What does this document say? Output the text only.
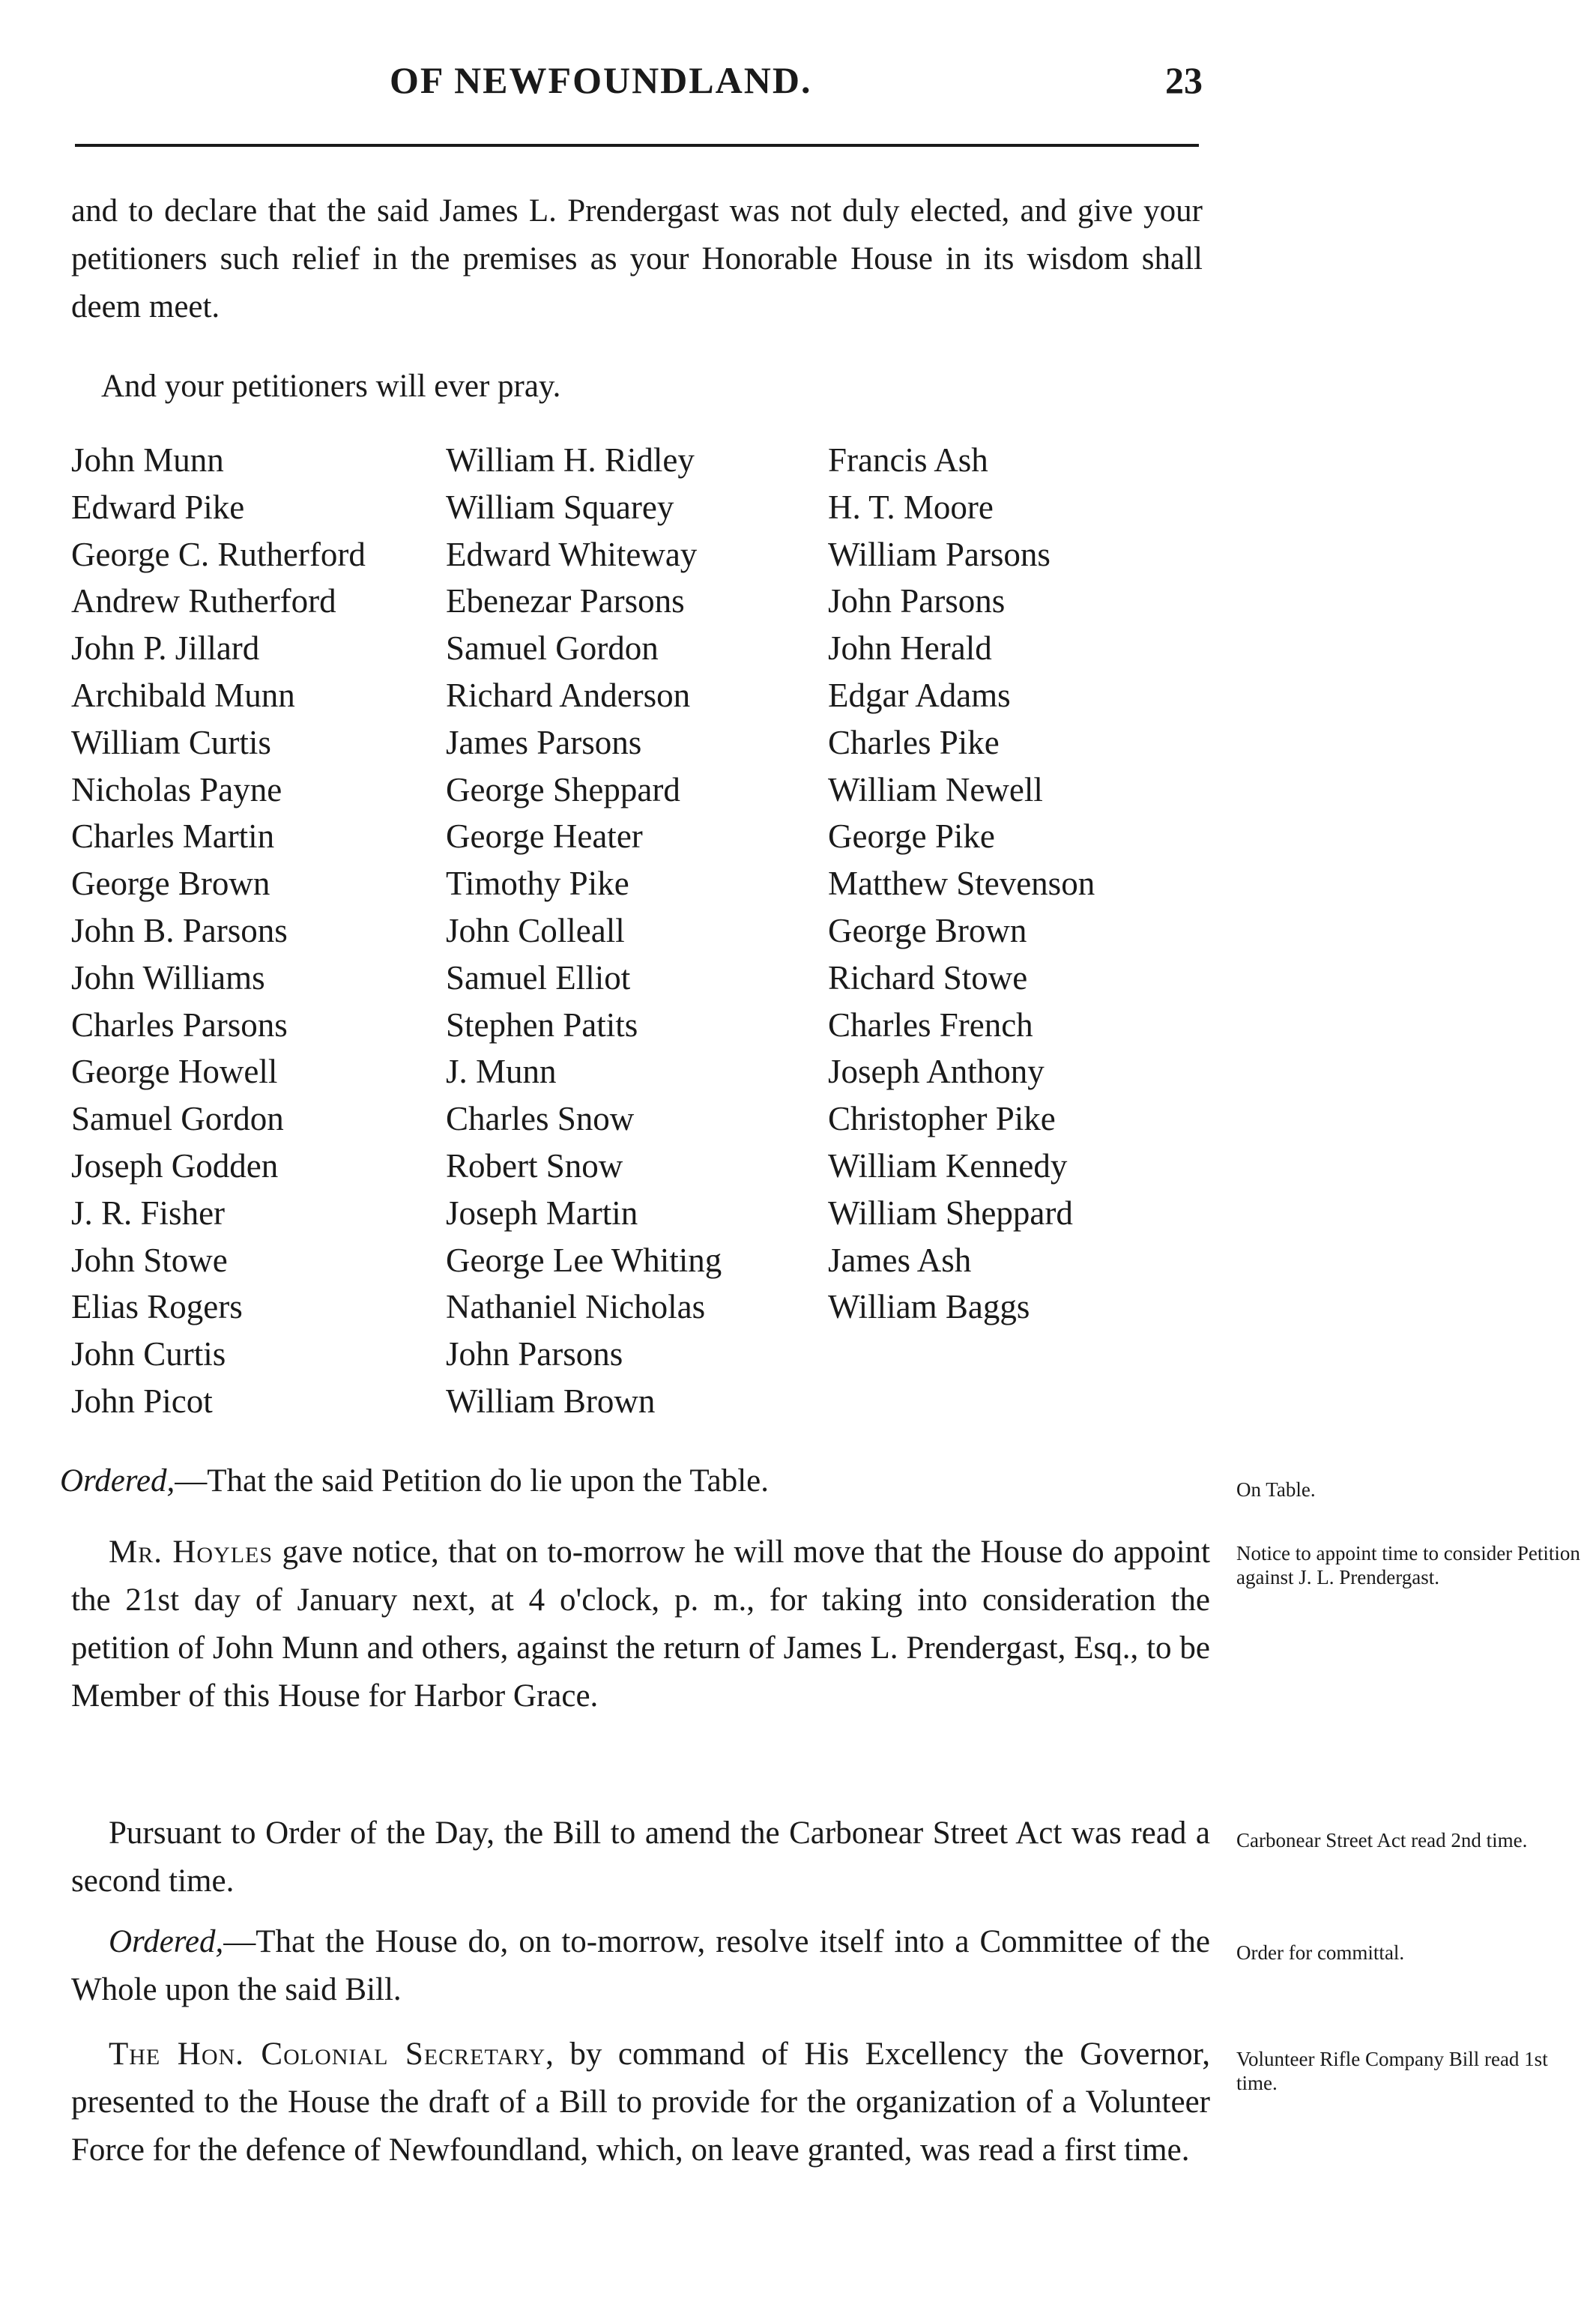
OF NEWFOUNDLAND.	23
and to declare that the said James L. Prendergast was not duly elected, and give your petitioners such relief in the premises as your Honorable House in its wisdom shall deem meet.
And your petitioners will ever pray.
John Munn
Edward Pike
George C. Rutherford
Andrew Rutherford
John P. Jillard
Archibald Munn
William Curtis
Nicholas Payne
Charles Martin
George Brown
John B. Parsons
John Williams
Charles Parsons
George Howell
Samuel Gordon
Joseph Godden
J. R. Fisher
John Stowe
Elias Rogers
John Curtis
John Picot
William H. Ridley
William Squarey
Edward Whiteway
Ebenezar Parsons
Samuel Gordon
Richard Anderson
James Parsons
George Sheppard
George Heater
Timothy Pike
John Colleall
Samuel Elliot
Stephen Patits
J. Munn
Charles Snow
Robert Snow
Joseph Martin
George Lee Whiting
Nathaniel Nicholas
John Parsons
William Brown
Francis Ash
H. T. Moore
William Parsons
John Parsons
John Herald
Edgar Adams
Charles Pike
William Newell
George Pike
Matthew Stevenson
George Brown
Richard Stowe
Charles French
Joseph Anthony
Christopher Pike
William Kennedy
William Sheppard
James Ash
William Baggs
Ordered,—That the said Petition do lie upon the Table.	On Table.
Mr. Hoyles gave notice, that on to-morrow he will move that the House do appoint the 21st day of January next, at 4 o'clock, p. m., for taking into consideration the petition of John Munn and others, against the return of James L. Prendergast, Esq., to be Member of this House for Harbor Grace.
Notice to appoint time to consider Petition against J. L. Prendergast.
Pursuant to Order of the Day, the Bill to amend the Carbonear Street Act was read a second time.
Carbonear Street Act read 2nd time.
Ordered,—That the House do, on to-morrow, resolve itself into a Committee of the Whole upon the said Bill.
Order for committal.
The Hon. Colonial Secretary, by command of His Excellency the Governor, presented to the House the draft of a Bill to provide for the organization of a Volunteer Force for the defence of Newfoundland, which, on leave granted, was read a first time.
Volunteer Rifle Company Bill read 1st time.
